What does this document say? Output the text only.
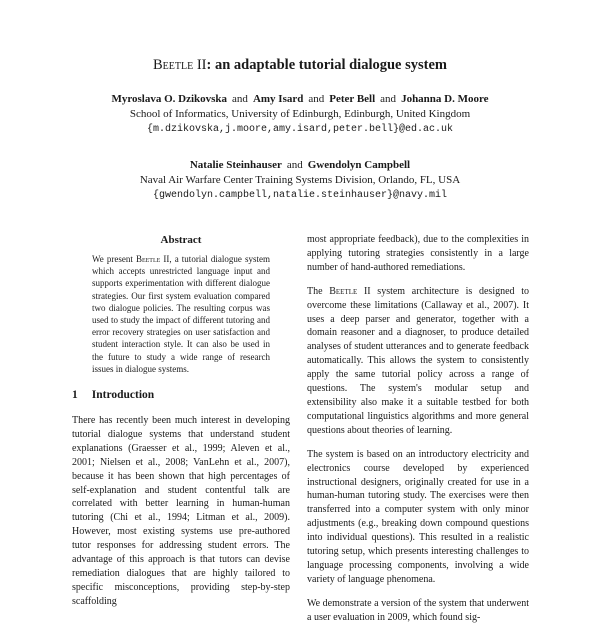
Beetle II: an adaptable tutorial dialogue system
Myroslava O. Dzikovska and Amy Isard and Peter Bell and Johanna D. Moore
School of Informatics, University of Edinburgh, Edinburgh, United Kingdom
{m.dzikovska,j.moore,amy.isard,peter.bell}@ed.ac.uk
Natalie Steinhauser and Gwendolyn Campbell
Naval Air Warfare Center Training Systems Division, Orlando, FL, USA
{gwendolyn.campbell,natalie.steinhauser}@navy.mil
Abstract
We present Beetle II, a tutorial dialogue system which accepts unrestricted language input and supports experimentation with different dialogue strategies. Our first system evaluation compared two dialogue policies. The resulting corpus was used to study the impact of different tutoring and error recovery strategies on user satisfaction and student interaction style. It can also be used in the future to study a wide range of research issues in dialogue systems.
1 Introduction

There has recently been much interest in developing tutorial dialogue systems that understand student explanations (Graesser et al., 1999; Aleven et al., 2001; Nielsen et al., 2008; VanLehn et al., 2007), because it has been shown that high percentages of self-explanation and student contentful talk are correlated with better learning in human-human tutoring (Chi et al., 1994; Litman et al., 2009). However, most existing systems use pre-authored tutor responses for addressing student errors. The advantage of this approach is that tutors can devise remediation dialogues that are highly tailored to specific misconceptions, providing step-by-step scaffolding

most appropriate feedback), due to the complexities in applying tutoring strategies consistently in a large number of hand-authored remediations.

The Beetle II system architecture is designed to overcome these limitations (Callaway et al., 2007). It uses a deep parser and generator, together with a domain reasoner and a diagnoser, to produce detailed analyses of student utterances and to generate feedback automatically. This allows the system to consistently apply the same tutorial policy across a range of questions. The system's modular setup and extensibility also make it a suitable testbed for both computational linguistics algorithms and more general questions about theories of learning.

The system is based on an introductory electricity and electronics course developed by experienced instructional designers, originally created for use in a human-human tutoring study. The exercises were then transferred into a computer system with only minor adjustments (e.g., breaking down compound questions into individual questions). This resulted in a realistic tutoring setup, which presents interesting challenges to language processing components, involving a wide variety of language phenomena.

We demonstrate a version of the system that underwent a user evaluation in 2009, which found sig-
